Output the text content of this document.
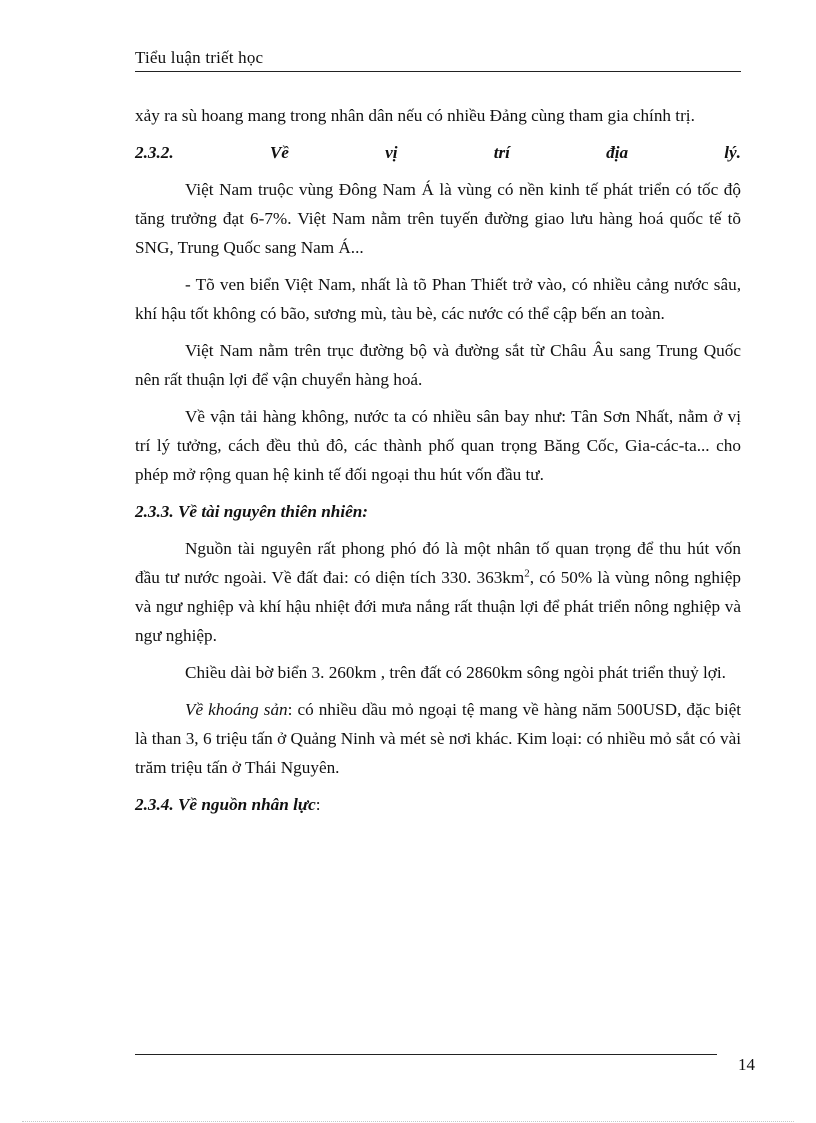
Tiểu luận triết học

xảy ra sù hoang mang trong nhân dân nếu có nhiều Đảng cùng tham gia chính trị.

2.3.2.	Về	vị	trí	địa	lý.

Việt Nam truộc vùng Đông Nam Á là vùng có nền kinh tế phát triển có tốc độ tăng trưởng đạt 6-7%. Việt Nam nằm trên tuyến đường giao lưu hàng hoá quốc tế tõ SNG, Trung Quốc sang Nam Á...

- Tõ ven biển Việt Nam, nhất là tõ Phan Thiết trở vào, có nhiều cảng nước sâu, khí hậu tốt không có bão, sương mù, tàu bè, các nước có thể cập bến an toàn.

Việt Nam nằm trên trục đường bộ và đường sắt từ Châu Âu sang Trung Quốc nên rất thuận lợi để vận chuyển hàng hoá.

Về vận tải hàng không, nước ta có nhiều sân bay như: Tân Sơn Nhất, nằm ở vị trí lý tưởng, cách đều thủ đô, các thành phố quan trọng Băng Cốc, Gia-các-ta... cho phép mở rộng quan hệ kinh tế đối ngoại thu hút vốn đầu tư.

2.3.3. Về tài nguyên thiên nhiên:

Nguồn tài nguyên rất phong phó đó là một nhân tố quan trọng để thu hút vốn đầu tư nước ngoài. Về đất đai: có diện tích 330. $363km^2$, có 50% là vùng nông nghiệp và ngư nghiệp và khí hậu nhiệt đới mưa nắng rất thuận lợi để phát triển nông nghiệp và ngư nghiệp.

Chiều dài bờ biển 3. 260km , trên đất có 2860km sông ngòi phát triển thuỷ lợi.

Về khoáng sản: có nhiều dầu mỏ ngoại tệ mang về hàng năm 500USD, đặc biệt là than 3, 6 triệu tấn ở Quảng Ninh và mét sè nơi khác. Kim loại: có nhiều mỏ sắt có vài trăm triệu tấn ở Thái Nguyên.

2.3.4. Về nguồn nhân lực:
14
